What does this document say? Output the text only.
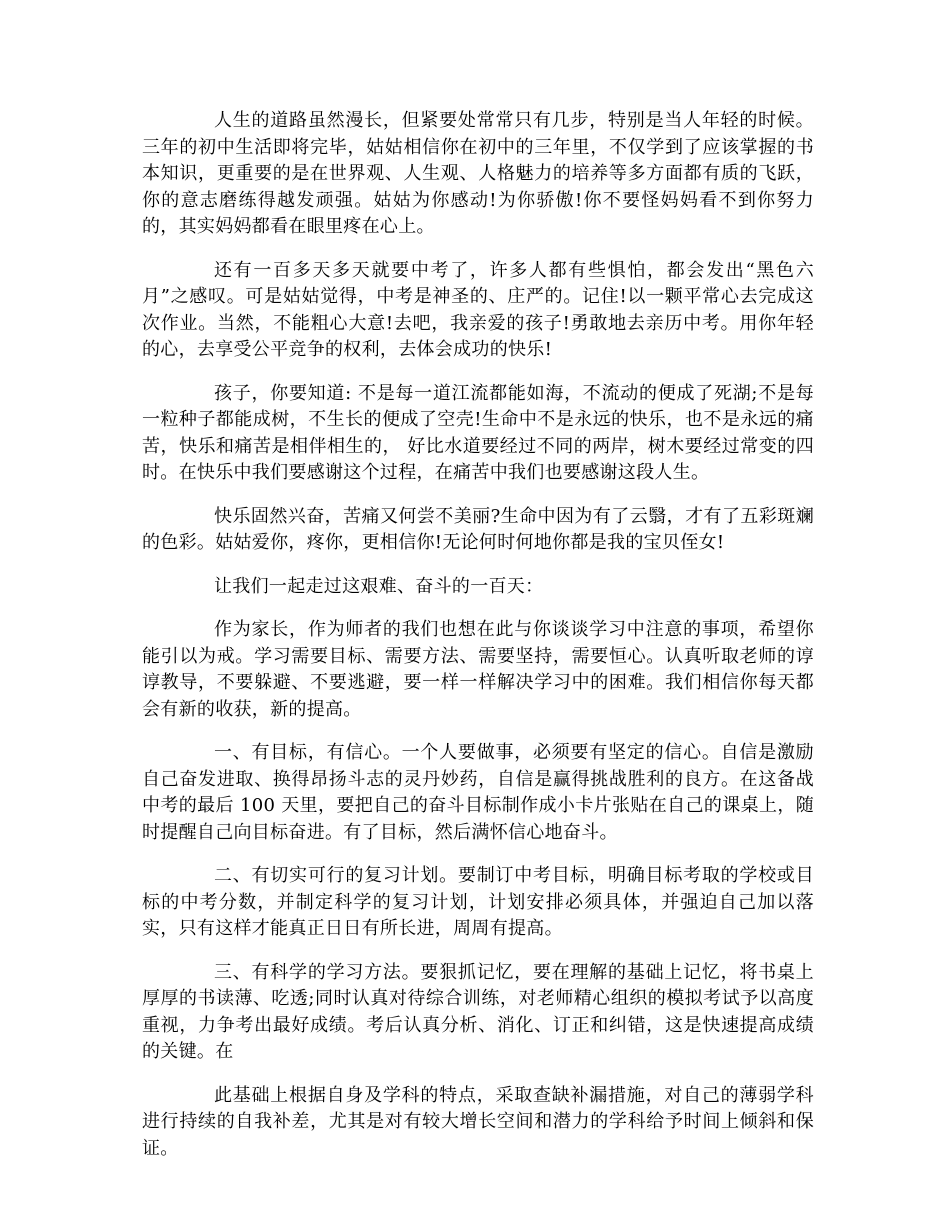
人生的道路虽然漫长，但紧要处常常只有几步，特别是当人年轻的时候。三年的初中生活即将完毕，姑姑相信你在初中的三年里，不仅学到了应该掌握的书本知识，更重要的是在世界观、人生观、人格魅力的培养等多方面都有质的飞跃，你的意志磨练得越发顽强。姑姑为你感动!为你骄傲!你不要怪妈妈看不到你努力的，其实妈妈都看在眼里疼在心上。

还有一百多天多天就要中考了，许多人都有些惧怕，都会发出“黑色六月”之感叹。可是姑姑觉得，中考是神圣的、庄严的。记住!以一颗平常心去完成这次作业。当然，不能粗心大意!去吧，我亲爱的孩子!勇敢地去亲历中考。用你年轻的心，去享受公平竞争的权利，去体会成功的快乐!

孩子，你要知道: 不是每一道江流都能如海，不流动的便成了死湖;不是每一粒种子都能成树，不生长的便成了空壳!生命中不是永远的快乐，也不是永远的痛苦，快乐和痛苦是相伴相生的， 好比水道要经过不同的两岸，树木要经过常变的四时。在快乐中我们要感谢这个过程，在痛苦中我们也要感谢这段人生。

快乐固然兴奋，苦痛又何尝不美丽?生命中因为有了云翳，才有了五彩斑斓的色彩。姑姑爱你，疼你，更相信你!无论何时何地你都是我的宝贝侄女!

让我们一起走过这艰难、奋斗的一百天：

作为家长，作为师者的我们也想在此与你谈谈学习中注意的事项，希望你能引以为戒。学习需要目标、需要方法、需要坚持，需要恒心。认真听取老师的谆谆教导，不要躲避、不要逃避，要一样一样解决学习中的困难。我们相信你每天都会有新的收获，新的提高。

一、有目标，有信心。一个人要做事，必须要有坚定的信心。自信是激励自己奋发进取、换得昂扬斗志的灵丹妙药，自信是赢得挑战胜利的良方。在这备战中考的最后 100 天里，要把自己的奋斗目标制作成小卡片张贴在自己的课桌上，随时提醒自己向目标奋进。有了目标，然后满怀信心地奋斗。

二、有切实可行的复习计划。要制订中考目标，明确目标考取的学校或目标的中考分数，并制定科学的复习计划，计划安排必须具体，并强迫自己加以落实，只有这样才能真正日日有所长进，周周有提高。

三、有科学的学习方法。要狠抓记忆，要在理解的基础上记忆，将书桌上厚厚的书读薄、吃透;同时认真对待综合训练，对老师精心组织的模拟考试予以高度重视，力争考出最好成绩。考后认真分析、消化、订正和纠错，这是快速提高成绩的关键。在

此基础上根据自身及学科的特点，采取查缺补漏措施，对自己的薄弱学科进行持续的自我补差，尤其是对有较大增长空间和潜力的学科给予时间上倾斜和保证。
